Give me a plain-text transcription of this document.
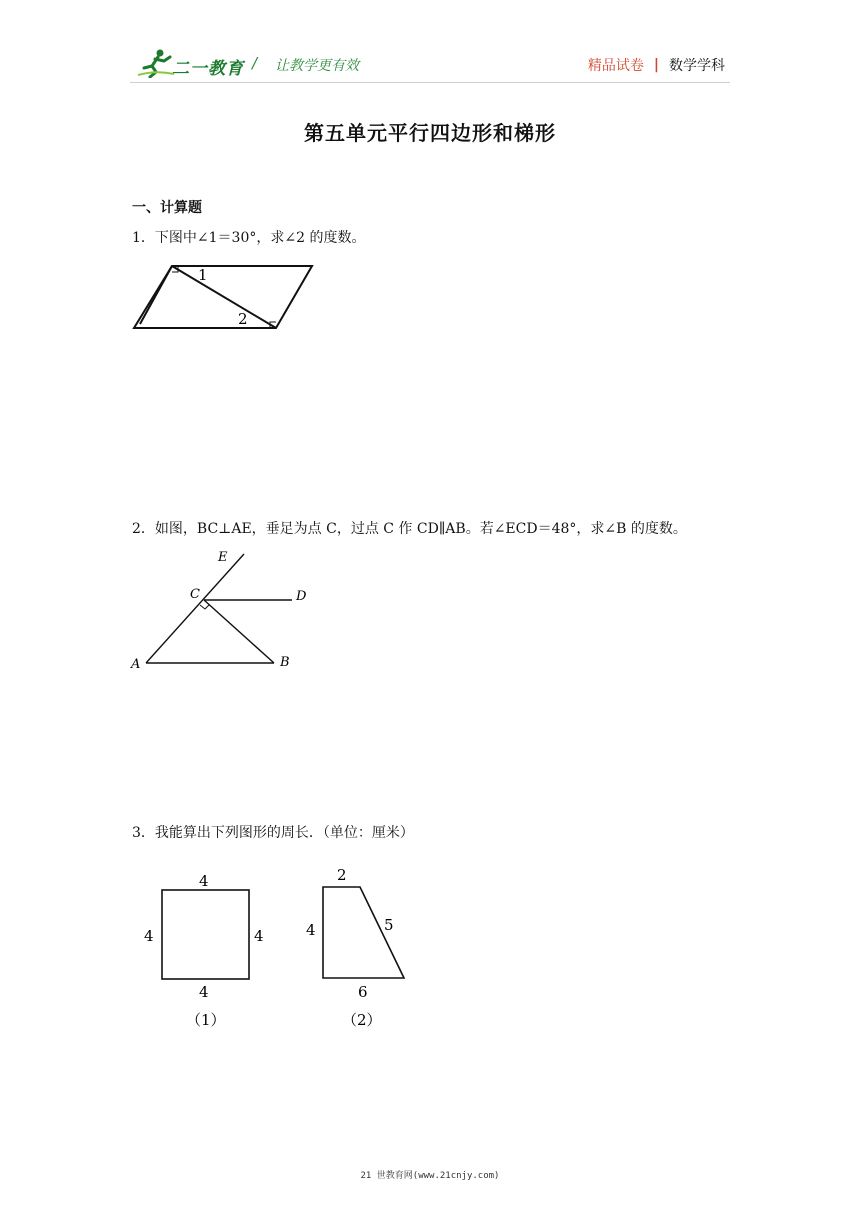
二一教育 / 让教学更有效	精品试卷 | 数学学科
第五单元平行四边形和梯形
一、计算题
1．下图中∠1＝30°，求∠2 的度数。
1
2
2．如图，BC⊥AE，垂足为点 C，过点 C 作 CD∥AB。若∠ECD＝48°，求∠B 的度数。
E
C	D
A	B
3．我能算出下列图形的周长．（单位：厘米）
4
4	4
4
（1）
2
4	5
6
（2）
21 世教育网(www.21cnjy.com)
